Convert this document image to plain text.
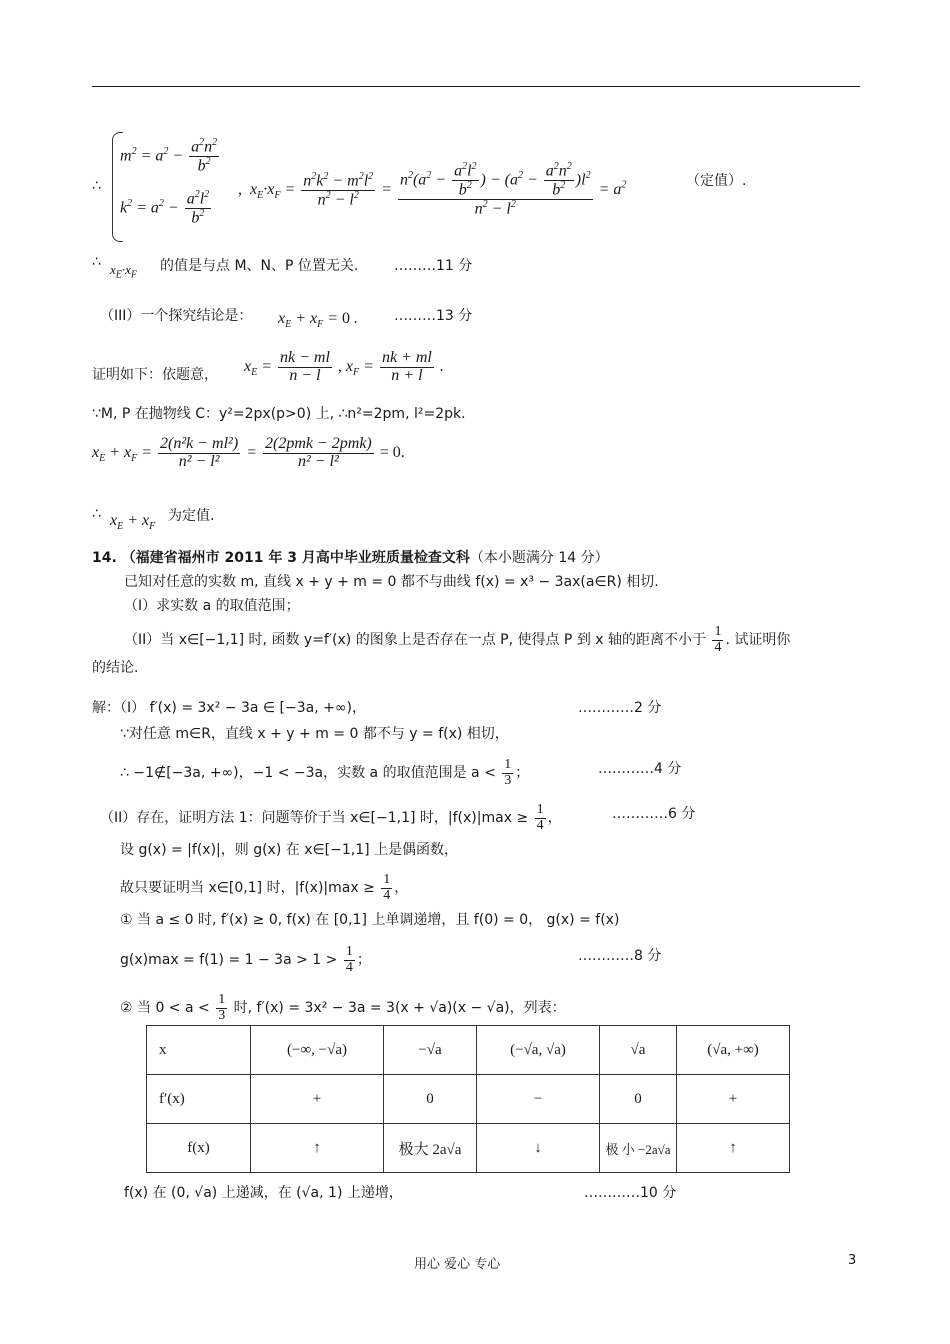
∴
$m^2 = a^2 - \frac{a^2n^2}{b^2}$
$k^2 = a^2 - \frac{a^2l^2}{b^2}$
,  $x_E\cdot x_F = \frac{n^2k^2 - m^2l^2}{n^2 - l^2} = \frac{n^2(a^2 - \frac{a^2l^2}{b^2} ) - (a^2 - \frac{a^2n^2}{b^2} )l^2}{n^2 - l^2} = a^2$	（定值）.
∴ $x_E\cdot x_F$
的值是与点 M、N、P 位置无关.	………11 分
（III）一个探究结论是： $x_E + x_F = 0$ .	………13 分
证明如下：依题意，
$x_E = \frac{nk - ml}{n - l}$ , $x_F = \frac{nk + ml}{n + l}$ .
∵M, P 在抛物线 C：y²=2px(p>0) 上, ∴n²=2pm, l²=2pk.
$x_E + x_F = \frac{\text{2(n²k − ml²)}}{\text{n² − l²}} = \frac{\text{2(2pmk − 2pmk)}}{\text{n² − l²}} = 0$.
∴ $x_E + x_F$
为定值.
14. （福建省福州市 2011 年 3 月高中毕业班质量检查文科（本小题满分 14 分）
已知对任意的实数 m, 直线 x + y + m = 0 都不与曲线 f(x) = x³ − 3ax(a∈R) 相切.
（I）求实数 a 的取值范围；
（II）当 x∈[−1,1] 时, 函数 y=f′(x) 的图象上是否存在一点 P, 使得点 P 到 x 轴的距离不小于 $\frac{1}{4}$ . 试证明你
的结论.
解：（I） f′(x) = 3x² − 3a ∈ [−3a, +∞)，	…………2 分
∵对任意 m∈R，直线 x + y + m = 0 都不与 y = f(x) 相切，
∴ −1∉[−3a, +∞)，−1 < −3a，实数 a 的取值范围是 $a < \frac{1}{3}$ ；	…………4 分
（II）存在，证明方法 1：问题等价于当 x∈[−1,1] 时，$|f(x)|\max \ge \frac{1}{4}$ ，	…………6 分
设 g(x) = |f(x)|，则 g(x) 在 x∈[−1,1] 上是偶函数，
故只要证明当 x∈[0,1] 时，$|f(x)|\max \ge \frac{1}{4}$ ，
① 当 a ≤ 0 时, f′(x) ≥ 0, f(x) 在 [0,1] 上单调递增，且 f(0) = 0， g(x) = f(x)
$g(x)\max = f(1) = 1 - 3a > 1 > \frac{1}{4}$ ；	…………8 分
② 当 $0 < a < \frac{1}{3}$ 时, f′(x) = 3x² − 3a = 3(x + √a)(x − √a)，列表：
x	(−∞, −√a)	−√a	(−√a, √a)	√a	(√a, +∞)
f′(x)	+	0	−	0	+
f(x)	↑	极大 2a√a	↓	极 小 −2a√a	↑
f(x) 在 (0, √a) 上递减，在 (√a, 1) 上递增，	…………10 分
用心 爱心 专心	3
